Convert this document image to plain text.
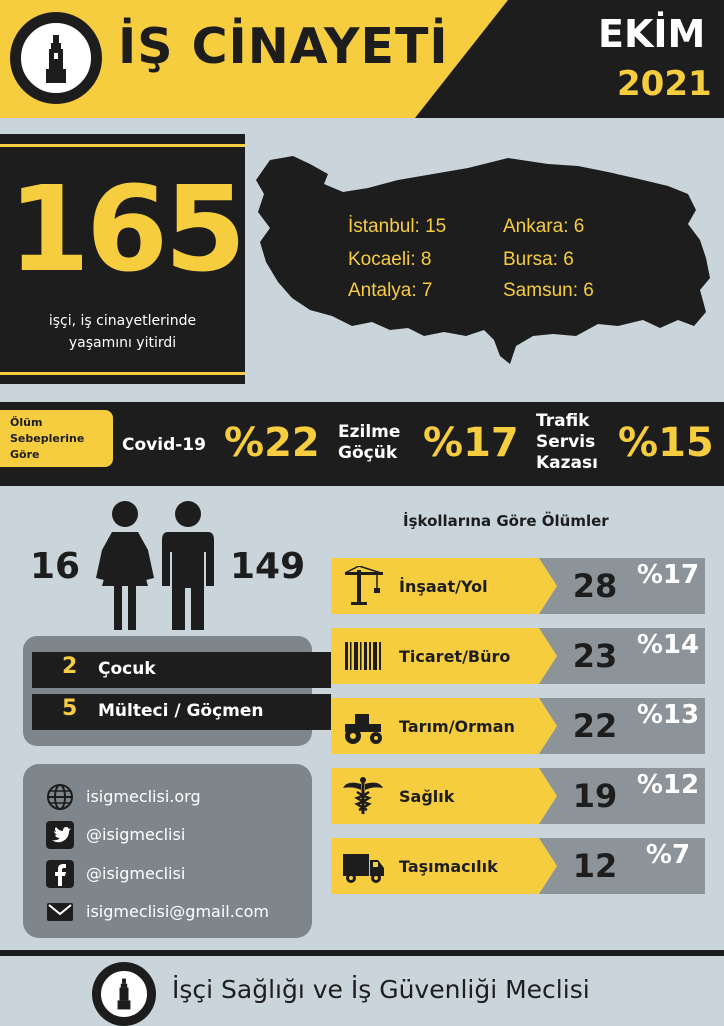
İŞ CİNAYETİ	EKİM
2021
165
işçi, iş cinayetlerinde yaşamını yitirdi
İstanbul: 15	Ankara: 6
Kocaeli: 8	Bursa: 6
Antalya: 7	Samsun: 6
Ölüm
Sebeplerine
Göre	Covid-19 %22 Ezilme
Göçük %17 Trafik
Servis
Kazası %15
16	149
2 Çocuk
5 Mülteci / Göçmen
isigmeclisi.org
@isigmeclisi
@isigmeclisi
isigmeclisi@gmail.com
İşkollarına Göre Ölümler
İnşaat/Yol	28 %17
Ticaret/Büro 23 %14
Tarım/Orman 22 %13
Sağlık	19 %12
Taşımacılık 12	%7
İşçi Sağlığı ve İş Güvenliği Meclisi
